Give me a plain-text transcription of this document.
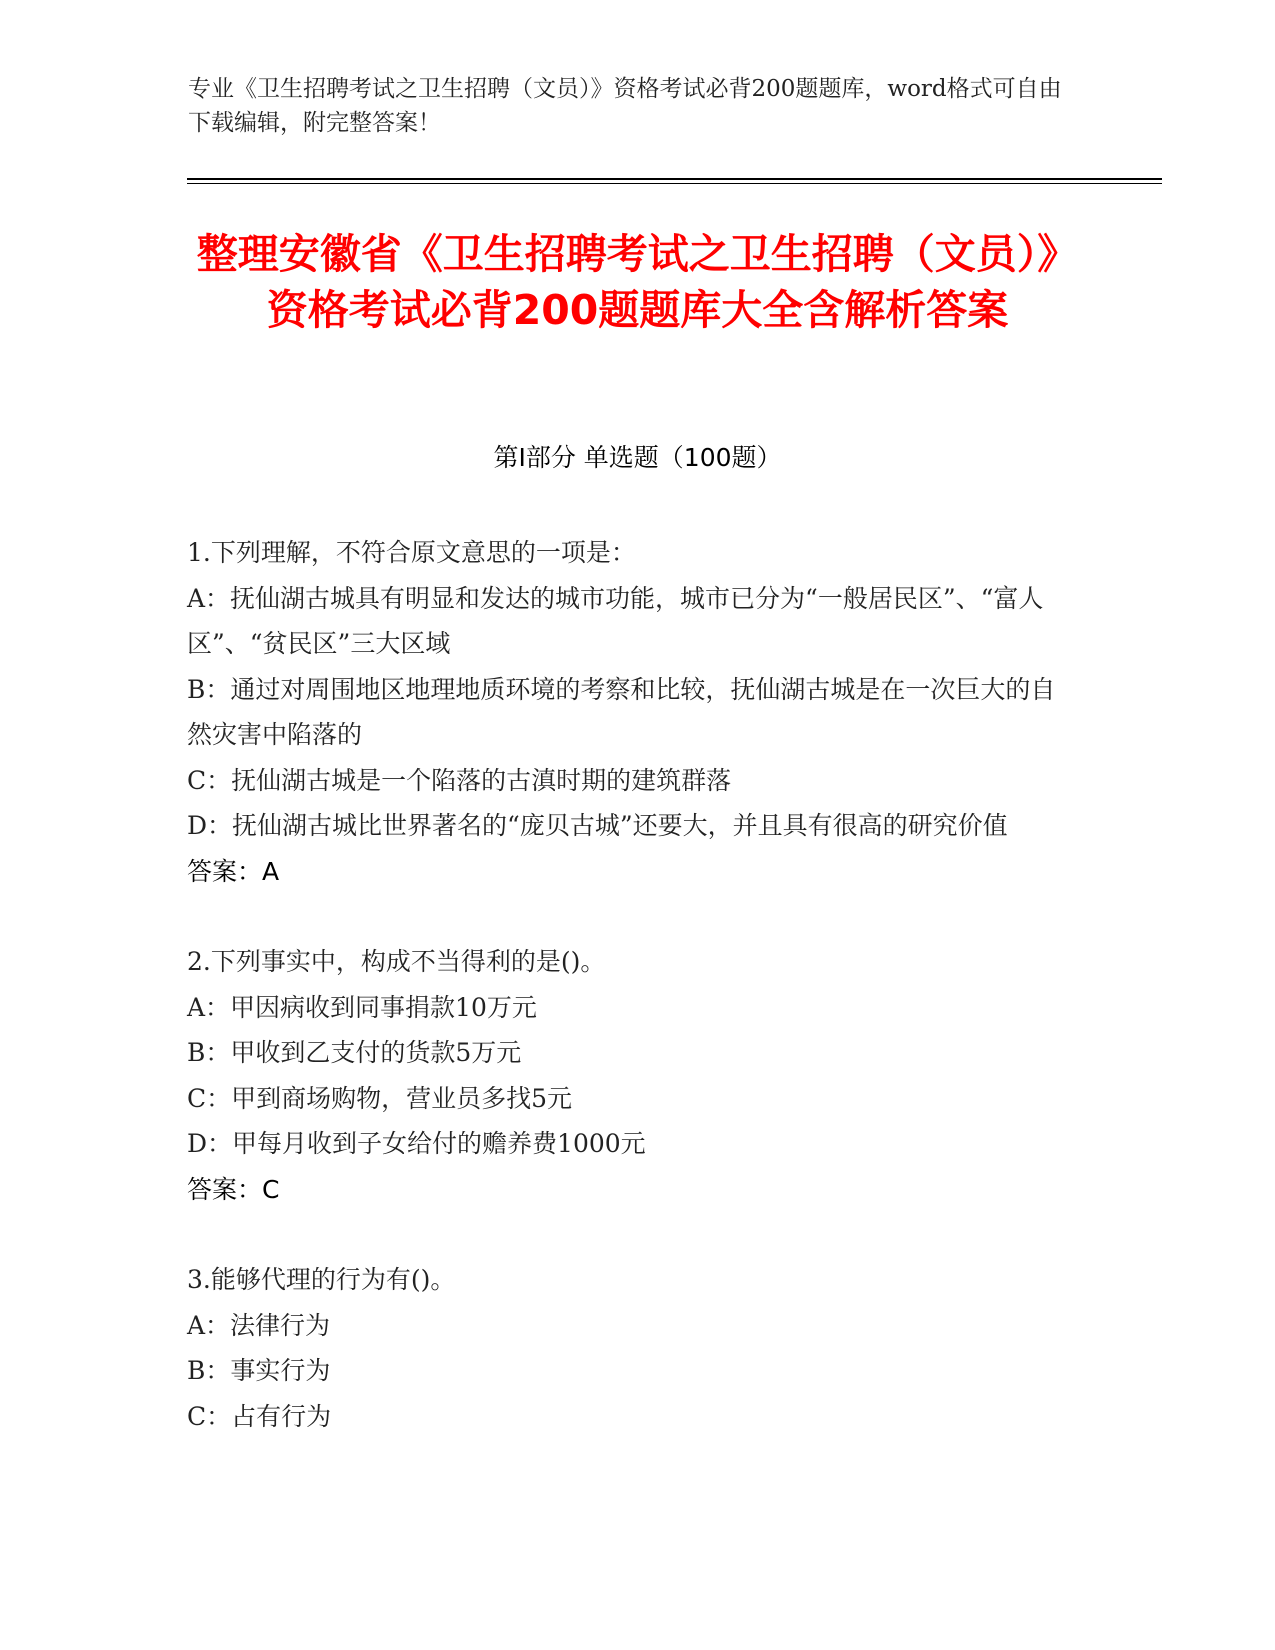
专业《卫生招聘考试之卫生招聘（文员）》资格考试必背200题题库，word格式可自由下载编辑，附完整答案！
整理安徽省《卫生招聘考试之卫生招聘（文员）》资格考试必背200题题库大全含解析答案
第Ⅰ部分 单选题（100题）

1.下列理解，不符合原文意思的一项是：

A：抚仙湖古城具有明显和发达的城市功能，城市已分为“一般居民区”、“富人区”、“贫民区”三大区域

B：通过对周围地区地理地质环境的考察和比较，抚仙湖古城是在一次巨大的自然灾害中陷落的

C：抚仙湖古城是一个陷落的古滇时期的建筑群落

D：抚仙湖古城比世界著名的“庞贝古城”还要大，并且具有很高的研究价值

答案：A

2.下列事实中，构成不当得利的是()。

A：甲因病收到同事捐款10万元

B：甲收到乙支付的货款5万元

C：甲到商场购物，营业员多找5元

D：甲每月收到子女给付的赡养费1000元

答案：C

3.能够代理的行为有()。

A：法律行为

B：事实行为

C：占有行为
